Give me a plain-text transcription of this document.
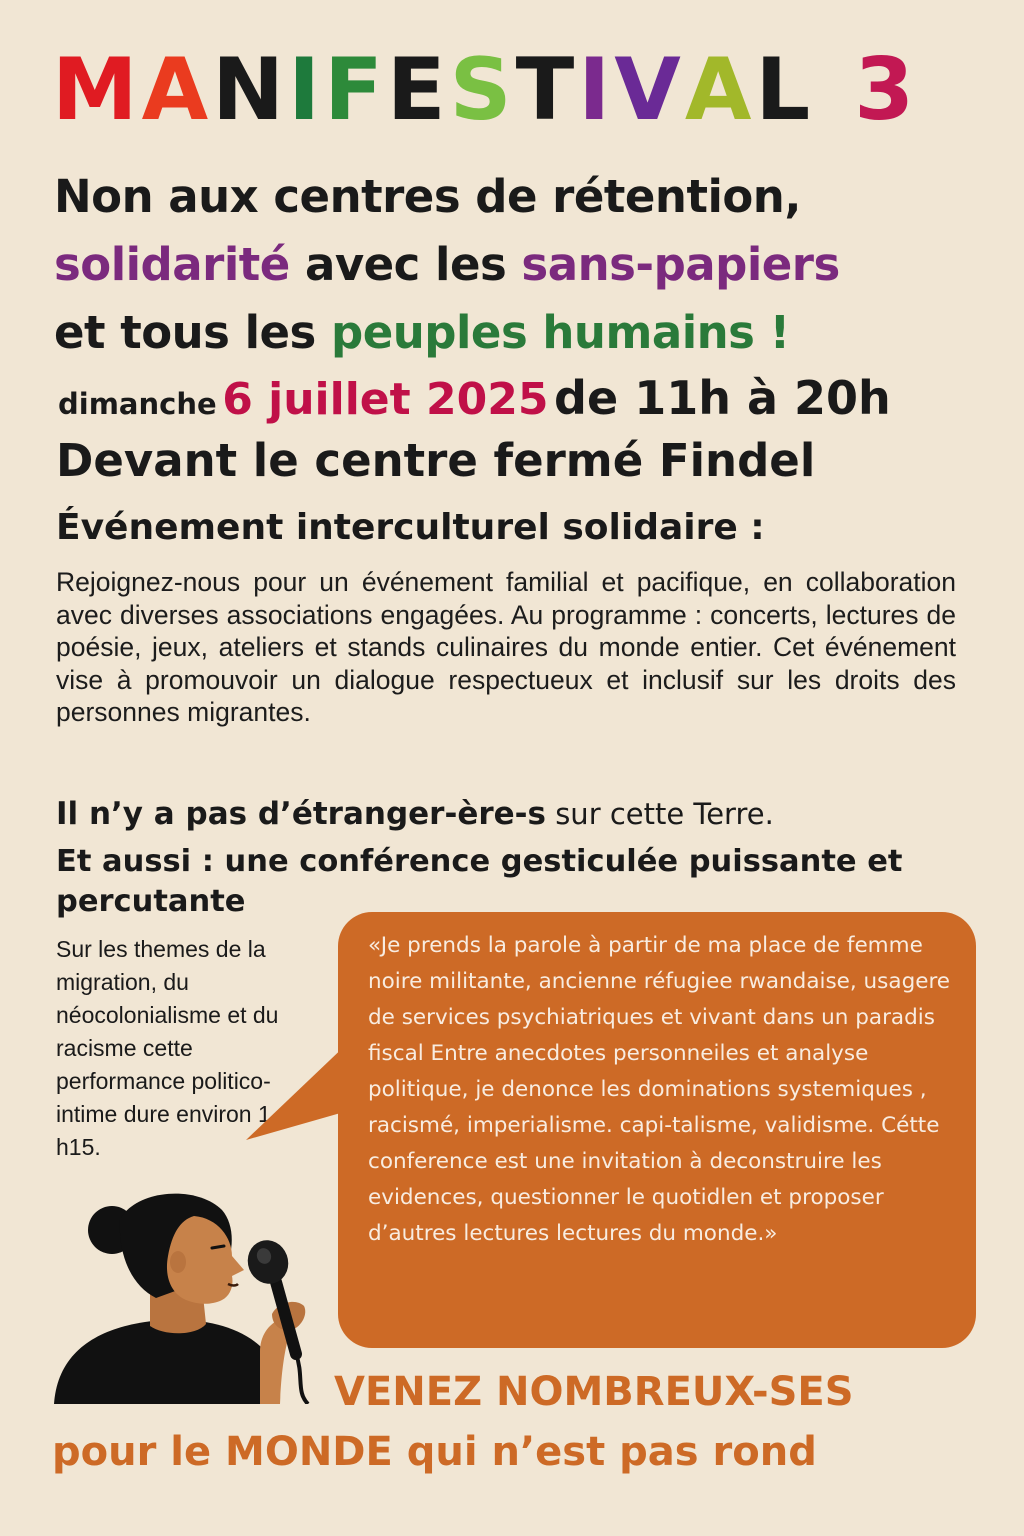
MANIFESTIVAL 3
Non aux centres de rétention,
solidarité avec les sans-papiers
et tous les peuples humains !
dimanche 6 juillet 2025 de 11h à 20h
Devant le centre fermé Findel
Événement interculturel solidaire :
Rejoignez-nous pour un événement familial et pacifique, en collaboration avec diverses associations engagées. Au programme : concerts, lectures de poésie, jeux, ateliers et stands culinaires du monde entier. Cet événement vise à promouvoir un dialogue respectueux et inclusif sur les droits des personnes migrantes.
Il n’y a pas d’étranger-ère-s sur cette Terre.
Et aussi : une conférence gesticulée puissante et percutante
Sur les themes de la migration, du néocolonialisme et du racisme cette performance politico-intime dure environ 1 h15.
«Je prends la parole à partir de ma place de femme noire militante, ancienne réfugiee rwandaise, usagere de services psychiatriques et vivant dans un paradis fiscal Entre anecdotes personneiles et analyse politique, je denonce les dominations systemiques , racismé, imperialisme. capi-talisme, validisme. Cétte conference est une invitation à deconstruire les evidences, questionner le quotidlen et proposer d’autres lectures lectures du monde.»
VENEZ NOMBREUX-SES
pour le MONDE qui n’est pas rond
